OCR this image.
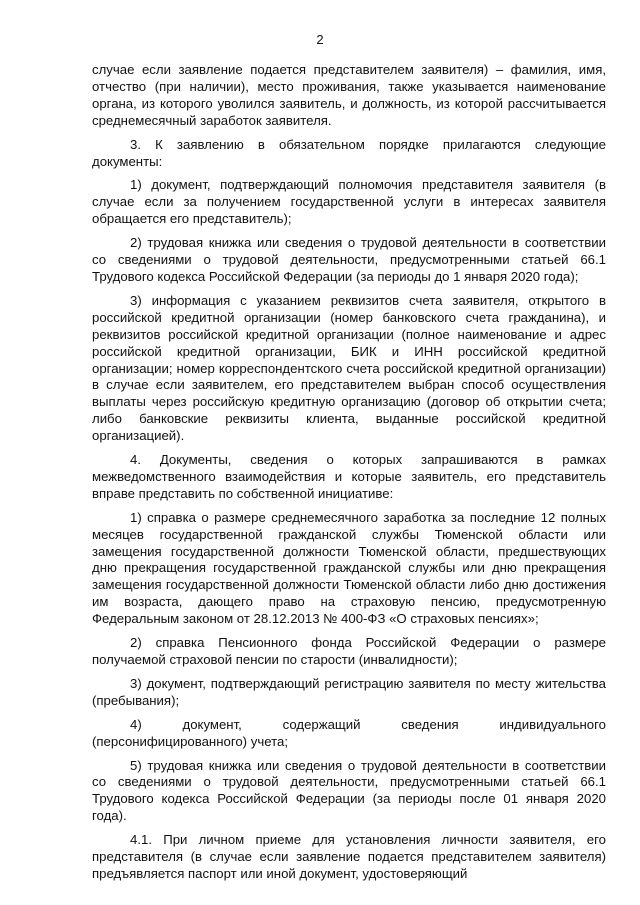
2

случае если заявление подается представителем заявителя) – фамилия, имя, отчество (при наличии), место проживания, также указывается наименование органа, из которого уволился заявитель, и должность, из которой рассчитывается среднемесячный заработок заявителя.

3. К заявлению в обязательном порядке прилагаются следующие документы:

1) документ, подтверждающий полномочия представителя заявителя (в случае если за получением государственной услуги в интересах заявителя обращается его представитель);

2) трудовая книжка или сведения о трудовой деятельности в соответствии со сведениями о трудовой деятельности, предусмотренными статьей 66.1 Трудового кодекса Российской Федерации (за периоды до 1 января 2020 года);

3) информация с указанием реквизитов счета заявителя, открытого в российской кредитной организации (номер банковского счета гражданина), и реквизитов российской кредитной организации (полное наименование и адрес российской кредитной организации, БИК и ИНН российской кредитной организации; номер корреспондентского счета российской кредитной организации) в случае если заявителем, его представителем выбран способ осуществления выплаты через российскую кредитную организацию (договор об открытии счета; либо банковские реквизиты клиента, выданные российской кредитной организацией).

4. Документы, сведения о которых запрашиваются в рамках межведомственного взаимодействия и которые заявитель, его представитель вправе представить по собственной инициативе:

1) справка о размере среднемесячного заработка за последние 12 полных месяцев государственной гражданской службы Тюменской области или замещения государственной должности Тюменской области, предшествующих дню прекращения государственной гражданской службы или дню прекращения замещения государственной должности Тюменской области либо дню достижения им возраста, дающего право на страховую пенсию, предусмотренную Федеральным законом от 28.12.2013 № 400-ФЗ «О страховых пенсиях»;

2) справка Пенсионного фонда Российской Федерации о размере получаемой страховой пенсии по старости (инвалидности);

3) документ, подтверждающий регистрацию заявителя по месту жительства (пребывания);

4) документ, содержащий сведения индивидуального (персонифицированного) учета;

5) трудовая книжка или сведения о трудовой деятельности в соответствии со сведениями о трудовой деятельности, предусмотренными статьей 66.1 Трудового кодекса Российской Федерации (за периоды после 01 января 2020 года).

4.1. При личном приеме для установления личности заявителя, его представителя (в случае если заявление подается представителем заявителя) предъявляется паспорт или иной документ, удостоверяющий
